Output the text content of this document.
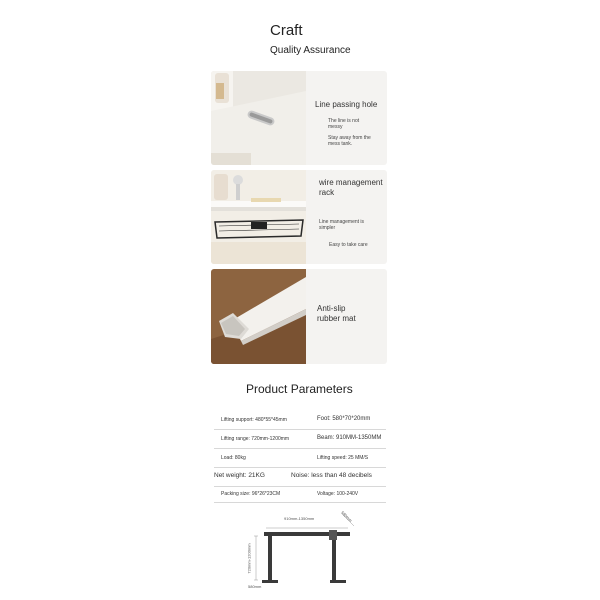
Craft
Quality Assurance
Line passing hole
The line is not messy
Stay away from the mess tank.
wire management rack
Line management is simpler
Easy to take care
Anti-slip rubber mat
Product Parameters
Lifting support: 480*55*45mm	Foot: 580*70*20mm
Lifting range: 720mm-1200mm	Beam: 910MM-1350MM
Load: 80kg	Lifting speed: 25 MM/S
Net weight: 21KG	Noise: less than 48 decibels
Packing size: 96*26*23CM	Voltage: 100-240V
910mm-1350mm
720mm-1200mm
580mm
580mm
